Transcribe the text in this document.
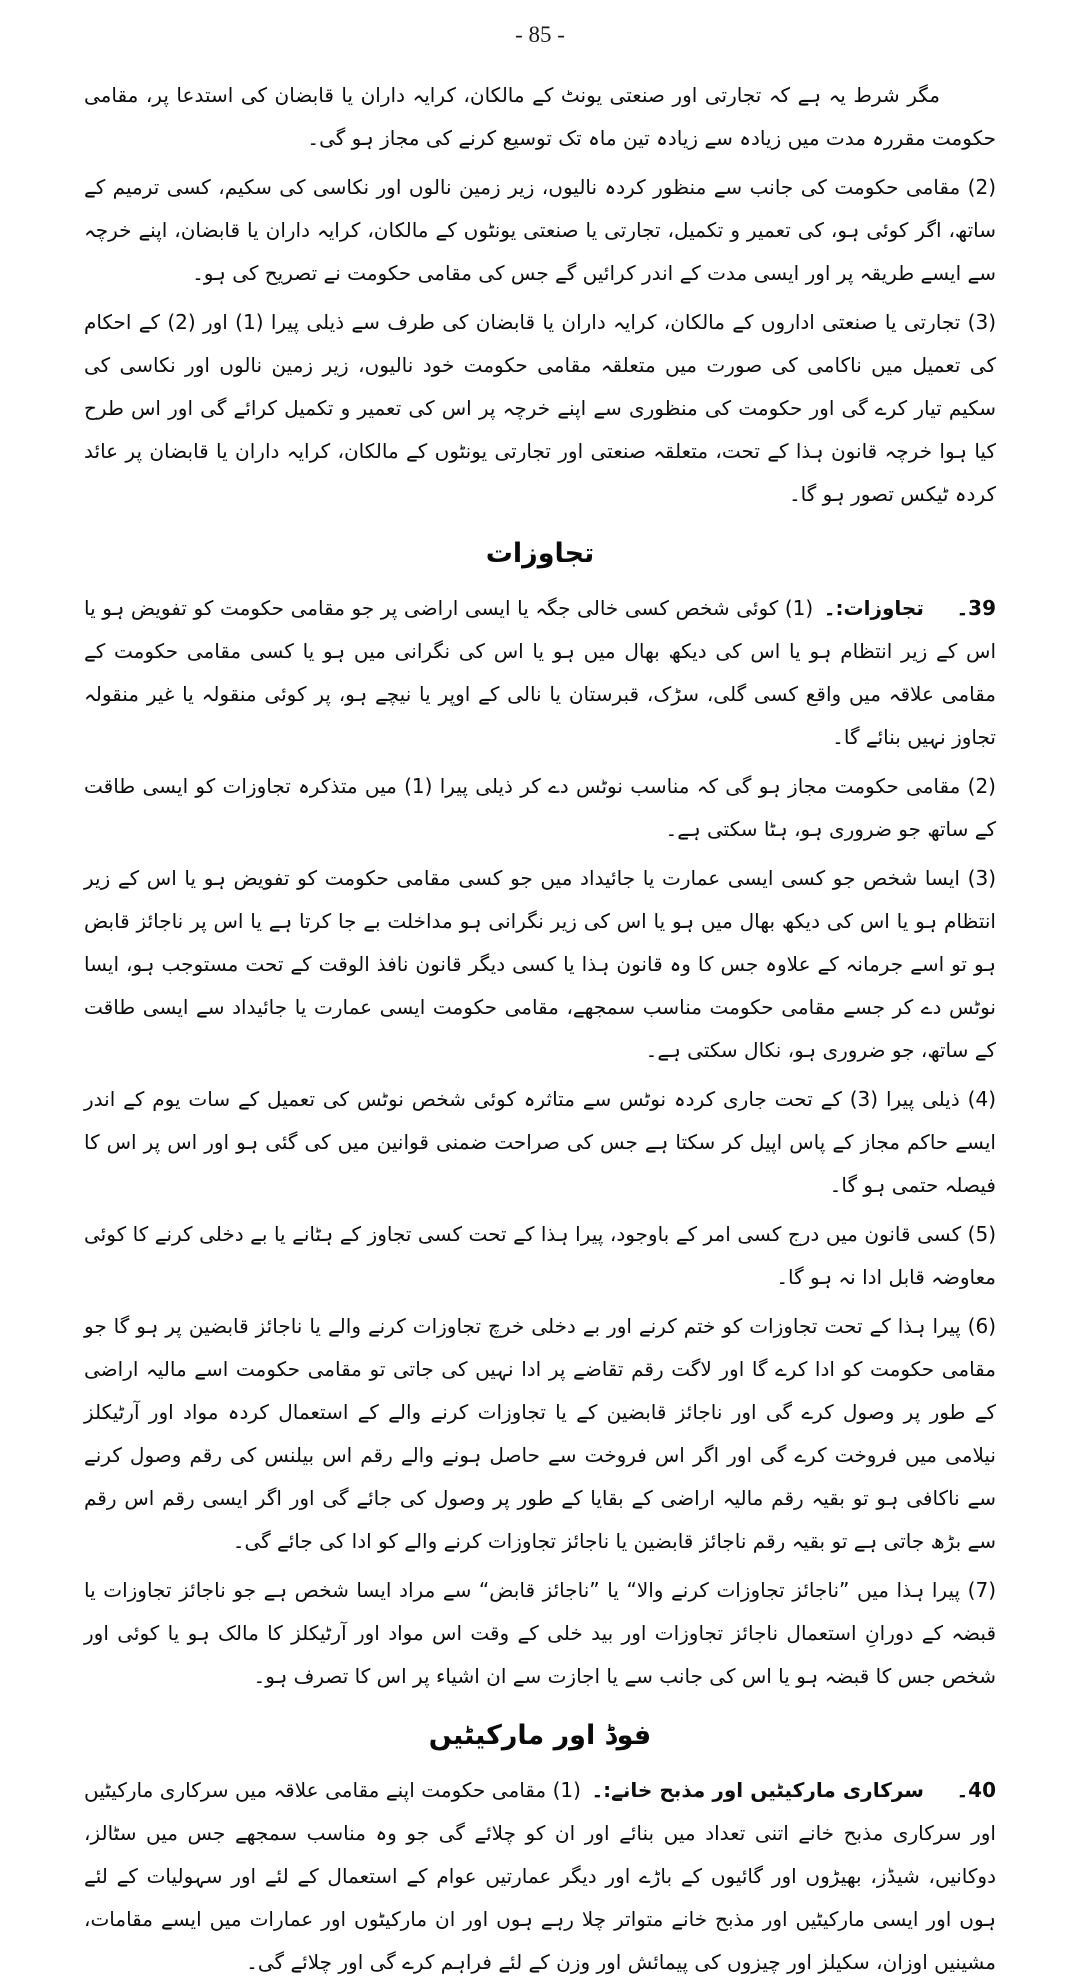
- 85 -

مگر شرط یہ ہے کہ تجارتی اور صنعتی یونٹ کے مالکان، کرایہ داران یا قابضان کی استدعا پر، مقامی حکومت مقررہ مدت میں زیادہ سے زیادہ تین ماہ تک توسیع کرنے کی مجاز ہو گی۔

(2) مقامی حکومت کی جانب سے منظور کردہ نالیوں، زیر زمین نالوں اور نکاسی کی سکیم، کسی ترمیم کے ساتھ، اگر کوئی ہو، کی تعمیر و تکمیل، تجارتی یا صنعتی یونٹوں کے مالکان، کرایہ داران یا قابضان، اپنے خرچہ سے ایسے طریقہ پر اور ایسی مدت کے اندر کرائیں گے جس کی مقامی حکومت نے تصریح کی ہو۔

(3) تجارتی یا صنعتی اداروں کے مالکان، کرایہ داران یا قابضان کی طرف سے ذیلی پیرا (1) اور (2) کے احکام کی تعمیل میں ناکامی کی صورت میں متعلقہ مقامی حکومت خود نالیوں، زیر زمین نالوں اور نکاسی کی سکیم تیار کرے گی اور حکومت کی منظوری سے اپنے خرچہ پر اس کی تعمیر و تکمیل کرائے گی اور اس طرح کیا ہوا خرچہ قانون ہذا کے تحت، متعلقہ صنعتی اور تجارتی یونٹوں کے مالکان، کرایہ داران یا قابضان پر عائد کردہ ٹیکس تصور ہو گا۔

تجاوزات

39۔ تجاوزات:۔ (1) کوئی شخص کسی خالی جگہ یا ایسی اراضی پر جو مقامی حکومت کو تفویض ہو یا اس کے زیر انتظام ہو یا اس کی دیکھ بھال میں ہو یا اس کی نگرانی میں ہو یا کسی مقامی حکومت کے مقامی علاقہ میں واقع کسی گلی، سڑک، قبرستان یا نالی کے اوپر یا نیچے ہو، پر کوئی منقولہ یا غیر منقولہ تجاوز نہیں بنائے گا۔

(2) مقامی حکومت مجاز ہو گی کہ مناسب نوٹس دے کر ذیلی پیرا (1) میں متذکرہ تجاوزات کو ایسی طاقت کے ساتھ جو ضروری ہو، ہٹا سکتی ہے۔

(3) ایسا شخص جو کسی ایسی عمارت یا جائیداد میں جو کسی مقامی حکومت کو تفویض ہو یا اس کے زیر انتظام ہو یا اس کی دیکھ بھال میں ہو یا اس کی زیر نگرانی ہو مداخلت بے جا کرتا ہے یا اس پر ناجائز قابض ہو تو اسے جرمانہ کے علاوہ جس کا وہ قانون ہذا یا کسی دیگر قانون نافذ الوقت کے تحت مستوجب ہو، ایسا نوٹس دے کر جسے مقامی حکومت مناسب سمجھے، مقامی حکومت ایسی عمارت یا جائیداد سے ایسی طاقت کے ساتھ، جو ضروری ہو، نکال سکتی ہے۔

(4) ذیلی پیرا (3) کے تحت جاری کردہ نوٹس سے متاثرہ کوئی شخص نوٹس کی تعمیل کے سات یوم کے اندر ایسے حاکم مجاز کے پاس اپیل کر سکتا ہے جس کی صراحت ضمنی قوانین میں کی گئی ہو اور اس پر اس کا فیصلہ حتمی ہو گا۔

(5) کسی قانون میں درج کسی امر کے باوجود، پیرا ہذا کے تحت کسی تجاوز کے ہٹانے یا بے دخلی کرنے کا کوئی معاوضہ قابل ادا نہ ہو گا۔

(6) پیرا ہذا کے تحت تجاوزات کو ختم کرنے اور بے دخلی خرچ تجاوزات کرنے والے یا ناجائز قابضین پر ہو گا جو مقامی حکومت کو ادا کرے گا اور لاگت رقم تقاضے پر ادا نہیں کی جاتی تو مقامی حکومت اسے مالیہ اراضی کے طور پر وصول کرے گی اور ناجائز قابضین کے یا تجاوزات کرنے والے کے استعمال کردہ مواد اور آرٹیکلز نیلامی میں فروخت کرے گی اور اگر اس فروخت سے حاصل ہونے والے رقم اس بیلنس کی رقم وصول کرنے سے ناکافی ہو تو بقیہ رقم مالیہ اراضی کے بقایا کے طور پر وصول کی جائے گی اور اگر ایسی رقم اس رقم سے بڑھ جاتی ہے تو بقیہ رقم ناجائز قابضین یا ناجائز تجاوزات کرنے والے کو ادا کی جائے گی۔

(7) پیرا ہذا میں ”ناجائز تجاوزات کرنے والا“ یا ”ناجائز قابض“ سے مراد ایسا شخص ہے جو ناجائز تجاوزات یا قبضہ کے دورانِ استعمال ناجائز تجاوزات اور بید خلی کے وقت اس مواد اور آرٹیکلز کا مالک ہو یا کوئی اور شخص جس کا قبضہ ہو یا اس کی جانب سے یا اجازت سے ان اشیاء پر اس کا تصرف ہو۔

فوڈ اور مارکیٹیں

40۔ سرکاری مارکیٹیں اور مذبح خانے:۔ (1) مقامی حکومت اپنے مقامی علاقہ میں سرکاری مارکیٹیں اور سرکاری مذبح خانے اتنی تعداد میں بنائے اور ان کو چلائے گی جو وہ مناسب سمجھے جس میں سٹالز، دوکانیں، شیڈز، بھیڑوں اور گائیوں کے باڑے اور دیگر عمارتیں عوام کے استعمال کے لئے اور سہولیات کے لئے ہوں اور ایسی مارکیٹیں اور مذبح خانے متواتر چلا رہے ہوں اور ان مارکیٹوں اور عمارات میں ایسے مقامات، مشینیں اوزان، سکیلز اور چیزوں کی پیمائش اور وزن کے لئے فراہم کرے گی اور چلائے گی۔
